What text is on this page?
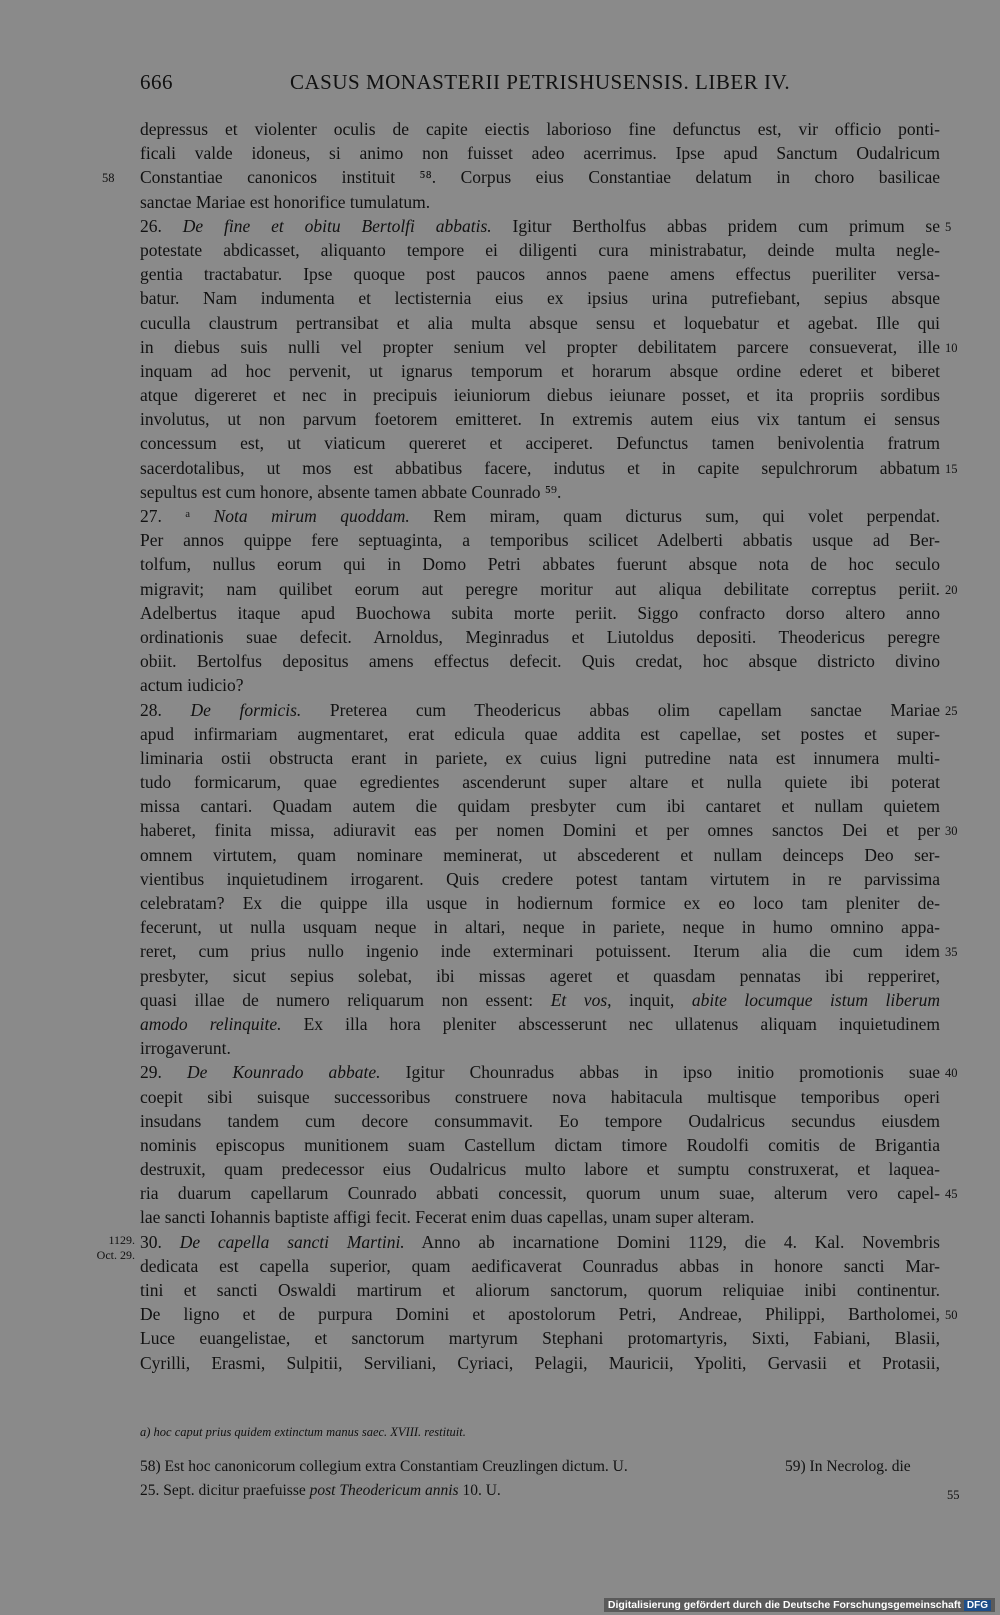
666	CASUS MONASTERII PETRISHUSENSIS. LIBER IV.
depressus et violenter oculis de capite eiectis laborioso fine defunctus est, vir officio ponti-
ficali valde idoneus, si animo non fuisset adeo acerrimus. Ipse apud Sanctum Oudalricum
Constantiae canonicos instituit ⁵⁸. Corpus eius Constantiae delatum in choro basilicae
58
sanctae Mariae est honorifice tumulatum.
26. De fine et obitu Bertolfi abbatis. Igitur Bertholfus abbas pridem cum primum se 5
potestate abdicasset, aliquanto tempore ei diligenti cura ministrabatur, deinde multa negle-
gentia tractabatur. Ipse quoque post paucos annos paene amens effectus pueriliter versa-
batur. Nam indumenta et lectisternia eius ex ipsius urina putrefiebant, sepius absque
cuculla claustrum pertransibat et alia multa absque sensu et loquebatur et agebat. Ille qui
in diebus suis nulli vel propter senium vel propter debilitatem parcere consueverat, ille 10
inquam ad hoc pervenit, ut ignarus temporum et horarum absque ordine ederet et biberet
atque digereret et nec in precipuis ieiuniorum diebus ieiunare posset, et ita propriis sordibus
involutus, ut non parvum foetorem emitteret. In extremis autem eius vix tantum ei sensus
concessum est, ut viaticum quereret et acciperet. Defunctus tamen benivolentia fratrum
sacerdotalibus, ut mos est abbatibus facere, indutus et in capite sepulchrorum abbatum 15
sepultus est cum honore, absente tamen abbate Counrado ⁵⁹.
27. ᵃ Nota mirum quoddam. Rem miram, quam dicturus sum, qui volet perpendat.
Per annos quippe fere septuaginta, a temporibus scilicet Adelberti abbatis usque ad Ber-
tolfum, nullus eorum qui in Domo Petri abbates fuerunt absque nota de hoc seculo
migravit; nam quilibet eorum aut peregre moritur aut aliqua debilitate correptus periit. 20
Adelbertus itaque apud Buochowa subita morte periit. Siggo confracto dorso altero anno
ordinationis suae defecit. Arnoldus, Meginradus et Liutoldus depositi. Theodericus peregre
obiit. Bertolfus depositus amens effectus defecit. Quis credat, hoc absque districto divino
actum iudicio?
28. De formicis. Preterea cum Theodericus abbas olim capellam sanctae Mariae 25
apud infirmariam augmentaret, erat edicula quae addita est capellae, set postes et super-
liminaria ostii obstructa erant in pariete, ex cuius ligni putredine nata est innumera multi-
tudo formicarum, quae egredientes ascenderunt super altare et nulla quiete ibi poterat
missa cantari. Quadam autem die quidam presbyter cum ibi cantaret et nullam quietem
haberet, finita missa, adiuravit eas per nomen Domini et per omnes sanctos Dei et per 30
omnem virtutem, quam nominare meminerat, ut abscederent et nullam deinceps Deo ser-
vientibus inquietudinem irrogarent. Quis credere potest tantam virtutem in re parvissima
celebratam? Ex die quippe illa usque in hodiernum formice ex eo loco tam pleniter de-
fecerunt, ut nulla usquam neque in altari, neque in pariete, neque in humo omnino appa-
reret, cum prius nullo ingenio inde exterminari potuissent. Iterum alia die cum idem 35
presbyter, sicut sepius solebat, ibi missas ageret et quasdam pennatas ibi repperiret,
quasi illae de numero reliquarum non essent: Et vos, inquit, abite locumque istum liberum
amodo relinquite. Ex illa hora pleniter abscesserunt nec ullatenus aliquam inquietudinem
irrogaverunt.
29. De Kounrado abbate. Igitur Chounradus abbas in ipso initio promotionis suae 40
coepit sibi suisque successoribus construere nova habitacula multisque temporibus operi
insudans tandem cum decore consummavit. Eo tempore Oudalricus secundus eiusdem
nominis episcopus munitionem suam Castellum dictam timore Roudolfi comitis de Brigantia
destruxit, quam predecessor eius Oudalricus multo labore et sumptu construxerat, et laquea-
ria duarum capellarum Counrado abbati concessit, quorum unum suae, alterum vero capel- 45
lae sancti Iohannis baptiste affigi fecit. Fecerat enim duas capellas, unam super alteram.
30. De capella sancti Martini. Anno ab incarnatione Domini 1129, die 4. Kal. Novembris
1129.
Oct. 29.
dedicata est capella superior, quam aedificaverat Counradus abbas in honore sancti Mar-
tini et sancti Oswaldi martirum et aliorum sanctorum, quorum reliquiae inibi continentur.
De ligno et de purpura Domini et apostolorum Petri, Andreae, Philippi, Bartholomei, 50
Luce euangelistae, et sanctorum martyrum Stephani protomartyris, Sixti, Fabiani, Blasii,
Cyrilli, Erasmi, Sulpitii, Serviliani, Cyriaci, Pelagii, Mauricii, Ypoliti, Gervasii et Protasii,
a) hoc caput prius quidem extinctum manus saec. XVIII. restituit.
58) Est hoc canonicorum collegium extra Constantiam Creuzlingen dictum. U.	59) In Necrolog. die
25. Sept. dicitur praefuisse post Theodericum annis 10. U.	55
Digitalisierung gefördert durch die Deutsche Forschungsgemeinschaft DFG
